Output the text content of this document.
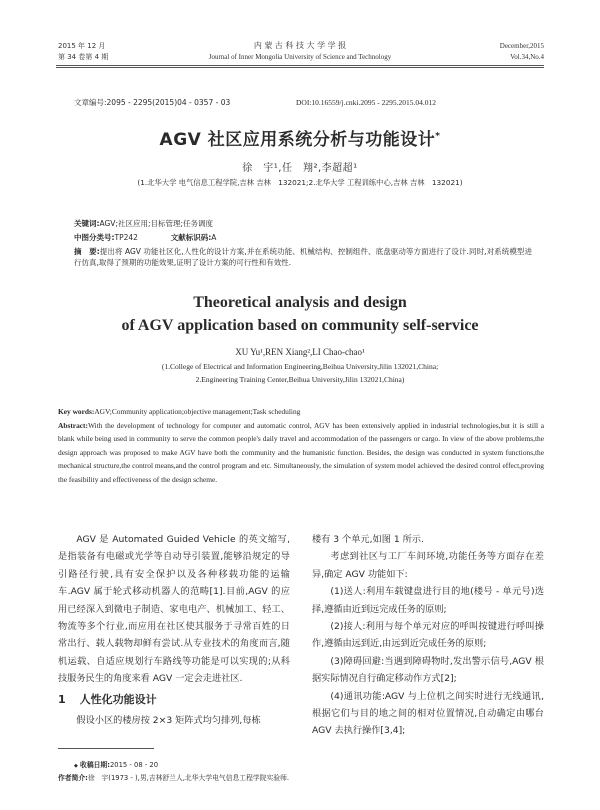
2015 年 12 月
第 34 卷第 4 期
内 蒙 古 科 技 大 学 学 报
Journal of Inner Mongolia University of Science and Technology
December,2015
Vol.34,No.4
文章编号:2095 - 2295(2015)04 - 0357 - 03	DOI:10.16559/j.cnki.2095 - 2295.2015.04.012
AGV 社区应用系统分析与功能设计*
徐　宇¹,任　翔²,李超超¹
(1.北华大学 电气信息工程学院,吉林 吉林　132021;2.北华大学 工程训练中心,吉林 吉林　132021)
关键词:AGV;社区应用;目标管理;任务调度
中图分类号:TP242	文献标识码:A
摘　要:提出将 AGV 功能社区化,人性化的设计方案,并在系统功能、机械结构、控制组件、底盘驱动等方面进行了设计.同时,对系统模型进行仿真,取得了预期的功能效果,证明了设计方案的可行性和有效性.
Theoretical analysis and design
of AGV application based on community self-service
XU Yu¹,REN Xiang²,LI Chao-chao¹
(1.College of Electrical and Information Engineering,Beihua University,Jilin 132021,China;
2.Engineering Training Center,Beihua University,Jilin 132021,China)
Key words:AGV;Community application;objective management;Task scheduling
Abstract:With the development of technology for computer and automatic control, AGV has been extensively applied in industrial technologies,but it is still a blank while being used in community to serve the common people's daily travel and accommodation of the passengers or cargo. In view of the above problems,the design approach was proposed to make AGV have both the community and the humanistic function. Besides, the design was conducted in system functions,the mechanical structure,the control means,and the control program and etc. Simultaneously, the simulation of system model achieved the desired control effect,proving the feasibility and effectiveness of the design scheme.

AGV 是 Automated Guided Vehicle 的英文缩写,是指装备有电磁或光学等自动导引装置,能够沿规定的导引路径行驶,具有安全保护以及各种移载功能的运输车.AGV 属于轮式移动机器人的范畴[1].目前,AGV 的应用已经深入到微电子制造、家电电产、机械加工、轻工、物流等多个行业,而应用在社区使其服务于寻常百姓的日常出行、载人载物却鲜有尝试.从专业技术的角度而言,随机运载、自适应规划行车路线等功能是可以实现的;从科技服务民生的角度来看 AGV 一定会走进社区.

1 人性化功能设计

假设小区的楼房按 2×3 矩阵式均匀排列,每栋

楼有 3 个单元,如图 1 所示.

考虑到社区与工厂车间环境,功能任务等方面存在差异,确定 AGV 功能如下:

(1)送人:利用车载键盘进行目的地(楼号 - 单元号)选择,遵循由近到远完成任务的原则;

(2)接人:利用与每个单元对应的呼叫按键进行呼叫操作,遵循由远到近,由远到近完成任务的原则;

(3)障碍回避:当遇到障碍物时,发出警示信号,AGV 根据实际情况自行确定移动作方式[2];

(4)通讯功能:AGV 与上位机之间实时进行无线通讯,根据它们与目的地之间的相对位置情况,自动确定由哪台 AGV 去执行操作[3,4];

◆ 收稿日期:2015 - 08 - 20
作者简介:徐　宇(1973 - ),男,吉林舒兰人,北华大学电气信息工程学院实验师.
